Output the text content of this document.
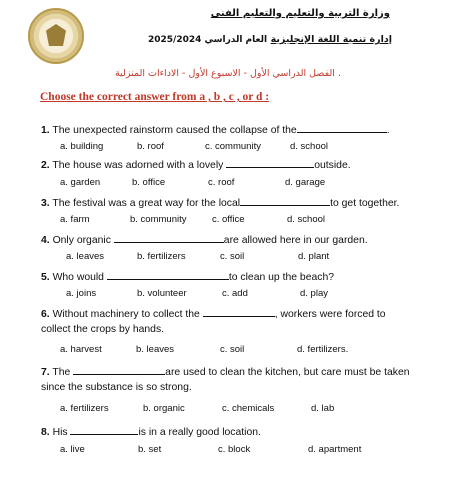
وزارة التربية والتعليم والتعليم الفنى
إدارة تنمية اللغة الإنجليزية
العام الدراسي 2025/2024
الفصل الدراسي الأول - الاسبوع الأول - الاداءات المنزلية .
Choose the correct answer from a , b , c , or d :
1. The unexpected rainstorm caused the collapse of the	.
a. building	b. roof	c. community	d. school
2. The house was adorned with a lovely	outside.
a. garden	b. office	c. roof	d. garage
3. The festival was a great way for the local	to get together.
a. farm	b. community	c. office	d. school
4. Only organic	are allowed here in our garden.
a. leaves	b. fertilizers	c. soil	d. plant
5. Who would	to clean up the beach?
a. joins	b. volunteer	c. add	d. play
6. Without machinery to collect the	, workers were forced to
collect the crops by hands.
a. harvest	b. leaves	c. soil	d. fertilizers.
7. The	are used to clean the kitchen, but care must be taken
since the substance is so strong.
a. fertilizers	b. organic	c. chemicals	d. lab
8. His	is in a really good location.
a. live	b. set	c. block	d. apartment
